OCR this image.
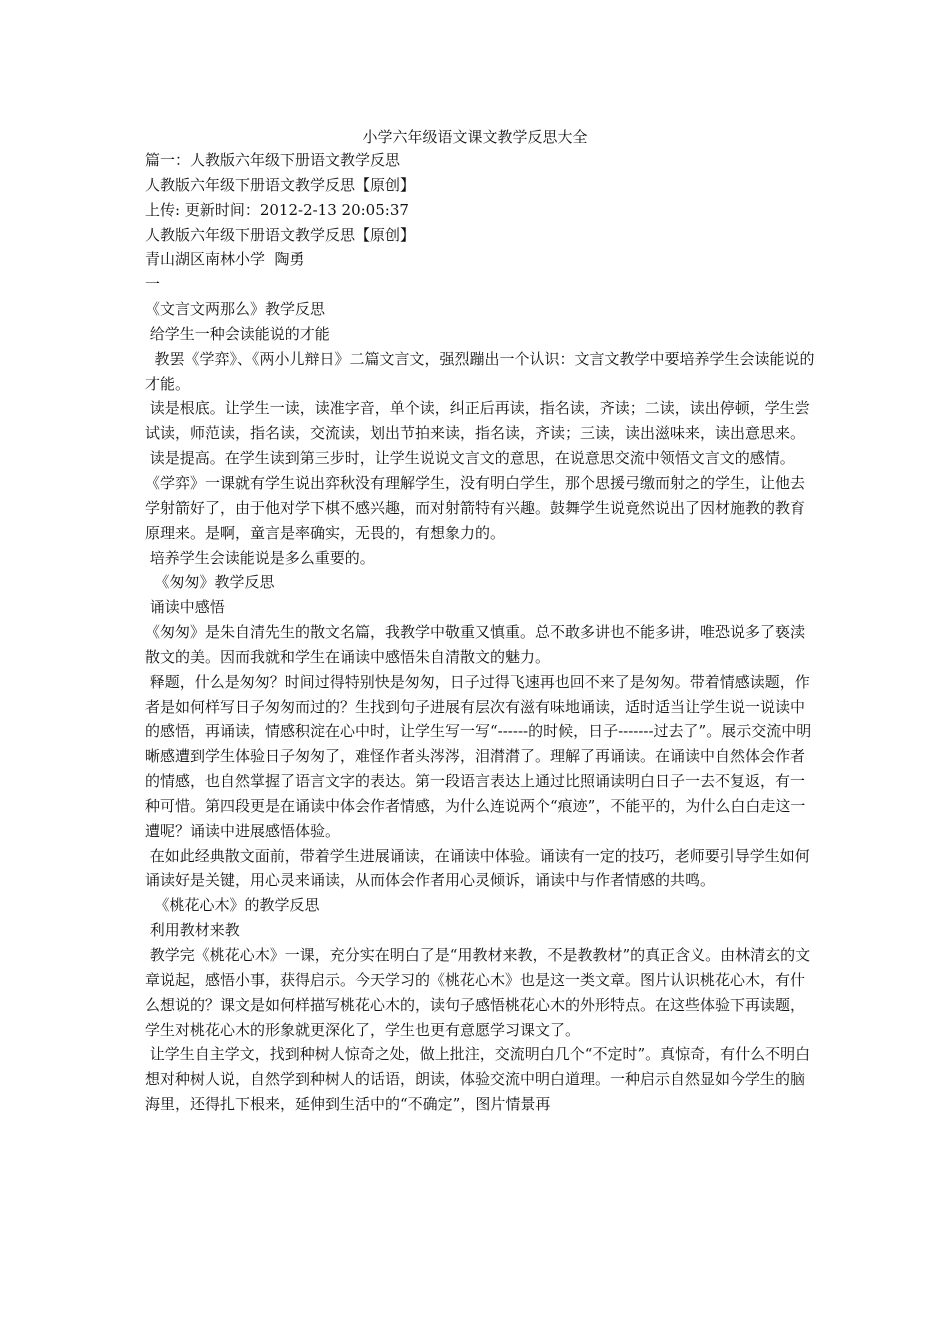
小学六年级语文课文教学反思大全

篇一：人教版六年级下册语文教学反思

人教版六年级下册语文教学反思【原创】

上传: 更新时间：2012-2-13 20:05:37

人教版六年级下册语文教学反思【原创】

青山湖区南林小学  陶勇

一

《文言文两那么》教学反思

给学生一种会读能说的才能

教罢《学弈》、《两小儿辩日》二篇文言文，强烈蹦出一个认识：文言文教学中要培养学生会读能说的才能。

读是根底。让学生一读，读准字音，单个读，纠正后再读，指名读，齐读；二读，读出停顿，学生尝试读，师范读，指名读，交流读，划出节拍来读，指名读，齐读；三读，读出滋味来，读出意思来。

读是提高。在学生读到第三步时，让学生说说文言文的意思，在说意思交流中领悟文言文的感情。《学弈》一课就有学生说出弈秋没有理解学生，没有明白学生，那个思援弓缴而射之的学生，让他去学射箭好了，由于他对学下棋不感兴趣，而对射箭特有兴趣。鼓舞学生说竟然说出了因材施教的教育原理来。是啊，童言是率确实，无畏的，有想象力的。

培养学生会读能说是多么重要的。

《匆匆》教学反思

诵读中感悟

《匆匆》是朱自清先生的散文名篇，我教学中敬重又慎重。总不敢多讲也不能多讲，唯恐说多了亵渎散文的美。因而我就和学生在诵读中感悟朱自清散文的魅力。

释题，什么是匆匆？时间过得特别快是匆匆，日子过得飞速再也回不来了是匆匆。带着情感读题，作者是如何样写日子匆匆而过的？生找到句子进展有层次有滋有味地诵读，适时适当让学生说一说读中的感悟，再诵读，情感积淀在心中时，让学生写一写“------的时候，日子-------过去了”。展示交流中明晰感遭到学生体验日子匆匆了，难怪作者头涔涔，泪潸潸了。理解了再诵读。在诵读中自然体会作者的情感，也自然掌握了语言文字的表达。第一段语言表达上通过比照诵读明白日子一去不复返，有一种可惜。第四段更是在诵读中体会作者情感，为什么连说两个“痕迹”，不能平的，为什么白白走这一遭呢？诵读中进展感悟体验。

在如此经典散文面前，带着学生进展诵读，在诵读中体验。诵读有一定的技巧，老师要引导学生如何诵读好是关键，用心灵来诵读，从而体会作者用心灵倾诉，诵读中与作者情感的共鸣。

《桃花心木》的教学反思

利用教材来教

教学完《桃花心木》一课，充分实在明白了是“用教材来教，不是教教材”的真正含义。由林清玄的文章说起，感悟小事，获得启示。今天学习的《桃花心木》也是这一类文章。图片认识桃花心木，有什么想说的？课文是如何样描写桃花心木的，读句子感悟桃花心木的外形特点。在这些体验下再读题，学生对桃花心木的形象就更深化了，学生也更有意愿学习课文了。

让学生自主学文，找到种树人惊奇之处，做上批注，交流明白几个“不定时”。真惊奇，有什么不明白想对种树人说，自然学到种树人的话语，朗读，体验交流中明白道理。一种启示自然显如今学生的脑海里，还得扎下根来，延伸到生活中的“不确定”，图片情景再
